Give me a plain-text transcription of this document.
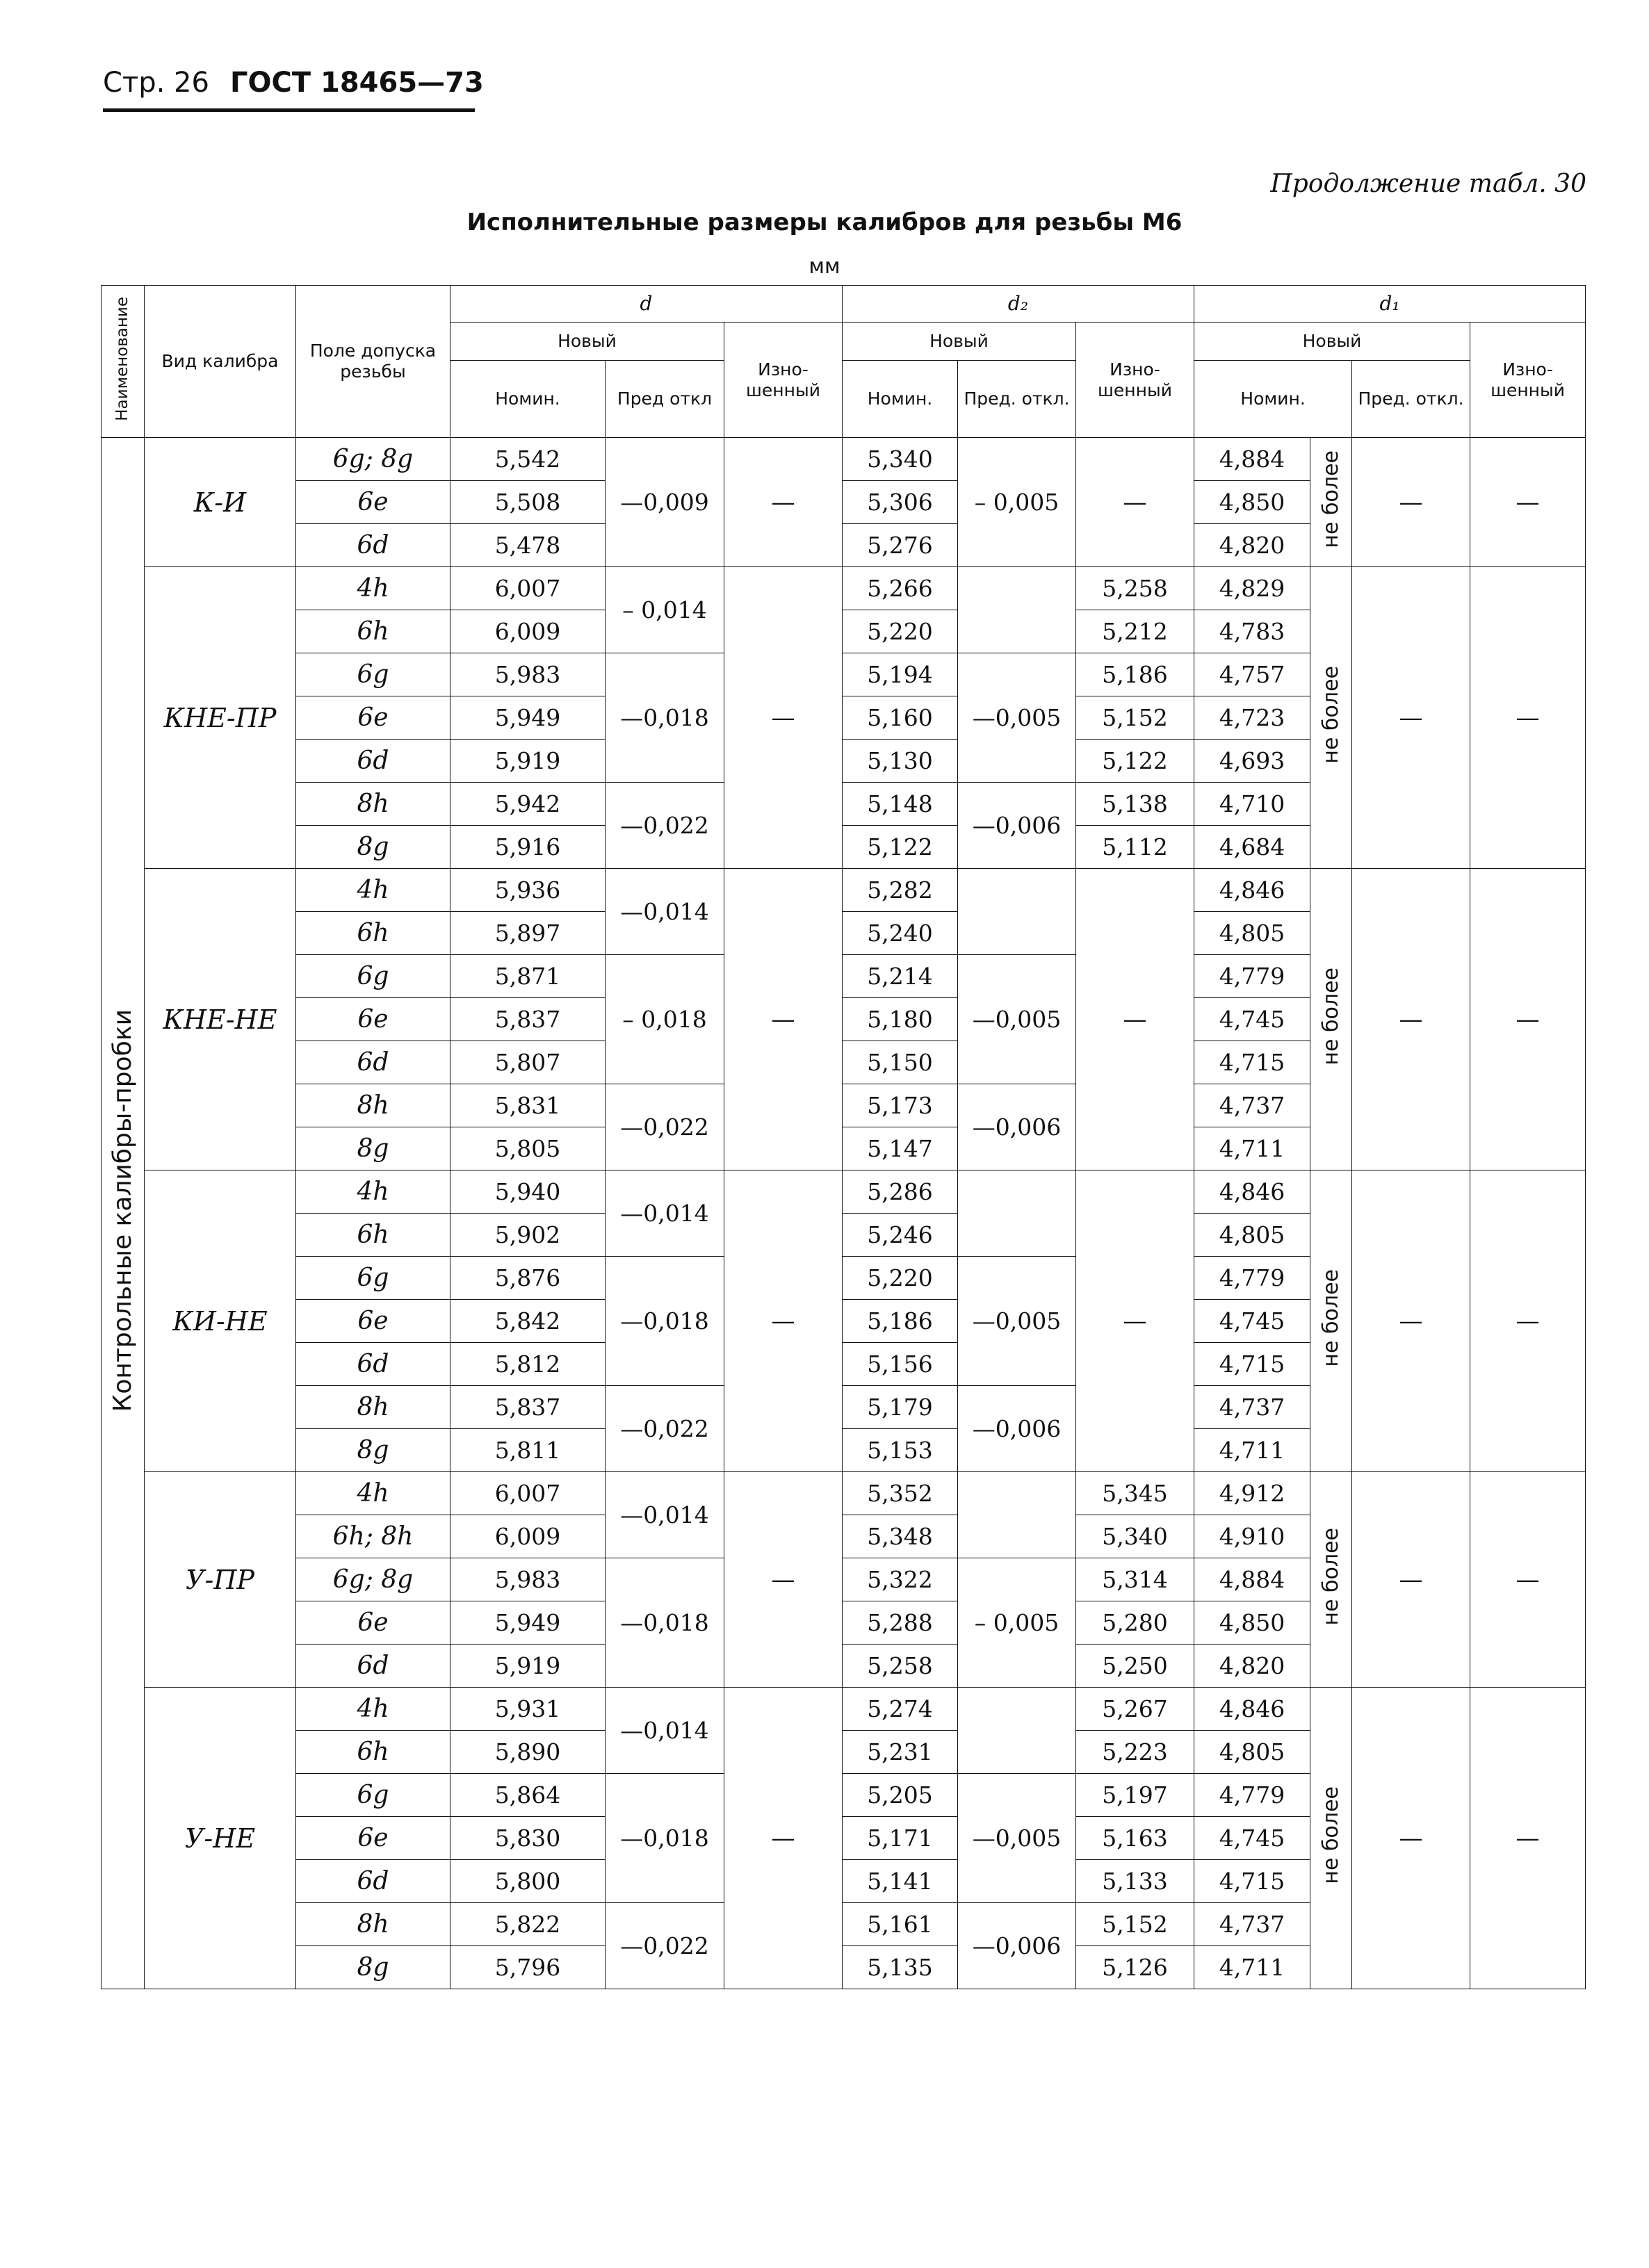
Стр. 26 ГОСТ 18465—73
Продолжение табл. 30
Исполнительные размеры калибров для резьбы М6
мм
Наименование	Вид калибра	Поле допуска резьбы	d			d₂			d₁			
			Новый		Изно-шенный	Новый		Изно-шенный	Новый			Изно-шенный
			Номин.	Пред откл		Номин.	Пред. откл.		Номин.		Пред. откл.	
Контрольные калибры-пробки	К-И	6g; 8g	5,542	—0,009	—	5,340	– 0,005	—	4,884	не более	—	—
		6e	5,508			5,306			4,850			
		6d	5,478			5,276			4,820			
	КНЕ-ПР	4h	6,007	– 0,014	—	5,266		5,258	4,829	не более	—	—
		6h	6,009			5,220		5,212	4,783			
		6g	5,983	—0,018		5,194	—0,005	5,186	4,757			
		6e	5,949			5,160		5,152	4,723			
		6d	5,919			5,130		5,122	4,693			
		8h	5,942	—0,022		5,148	—0,006	5,138	4,710			
		8g	5,916			5,122		5,112	4,684			
	КНЕ-НЕ	4h	5,936	—0,014	—	5,282		—	4,846	не более	—	—
		6h	5,897			5,240			4,805			
		6g	5,871	– 0,018		5,214	—0,005		4,779			
		6e	5,837			5,180			4,745			
		6d	5,807			5,150			4,715			
		8h	5,831	—0,022		5,173	—0,006		4,737			
		8g	5,805			5,147			4,711			
	КИ-НЕ	4h	5,940	—0,014	—	5,286		—	4,846	не более	—	—
		6h	5,902			5,246			4,805			
		6g	5,876	—0,018		5,220	—0,005		4,779			
		6e	5,842			5,186			4,745			
		6d	5,812			5,156			4,715			
		8h	5,837	—0,022		5,179	—0,006		4,737			
		8g	5,811			5,153			4,711			
	У-ПР	4h	6,007	—0,014	—	5,352		5,345	4,912	не более	—	—
		6h; 8h	6,009			5,348		5,340	4,910			
		6g; 8g	5,983	—0,018		5,322	– 0,005	5,314	4,884			
		6e	5,949			5,288		5,280	4,850			
		6d	5,919			5,258		5,250	4,820			
	У-НЕ	4h	5,931	—0,014	—	5,274		5,267	4,846	не более	—	—
		6h	5,890			5,231		5,223	4,805			
		6g	5,864	—0,018		5,205	—0,005	5,197	4,779			
		6e	5,830			5,171		5,163	4,745			
		6d	5,800			5,141		5,133	4,715			
		8h	5,822	—0,022		5,161	—0,006	5,152	4,737			
		8g	5,796			5,135		5,126	4,711			
